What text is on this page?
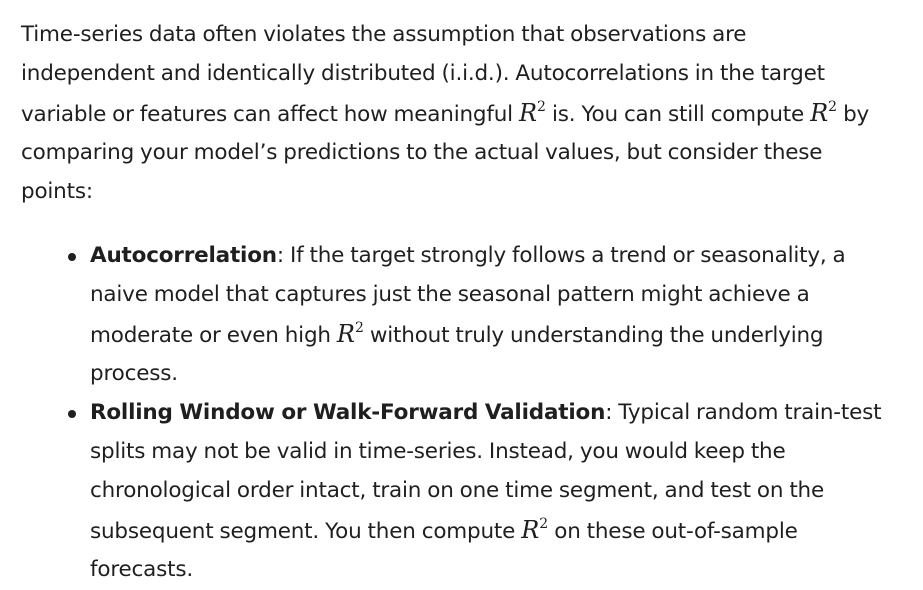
Time-series data often violates the assumption that observations are
independent and identically distributed (i.i.d.). Autocorrelations in the target
variable or features can affect how meaningful $R^2$ is. You can still compute $R^2$ by
comparing your model’s predictions to the actual values, but consider these
points:

Autocorrelation: If the target strongly follows a trend or seasonality, a
naive model that captures just the seasonal pattern might achieve a
moderate or even high $R^2$ without truly understanding the underlying
process.
Rolling Window or Walk-Forward Validation: Typical random train-test
splits may not be valid in time-series. Instead, you would keep the
chronological order intact, train on one time segment, and test on the
subsequent segment. You then compute $R^2$ on these out-of-sample
forecasts.
